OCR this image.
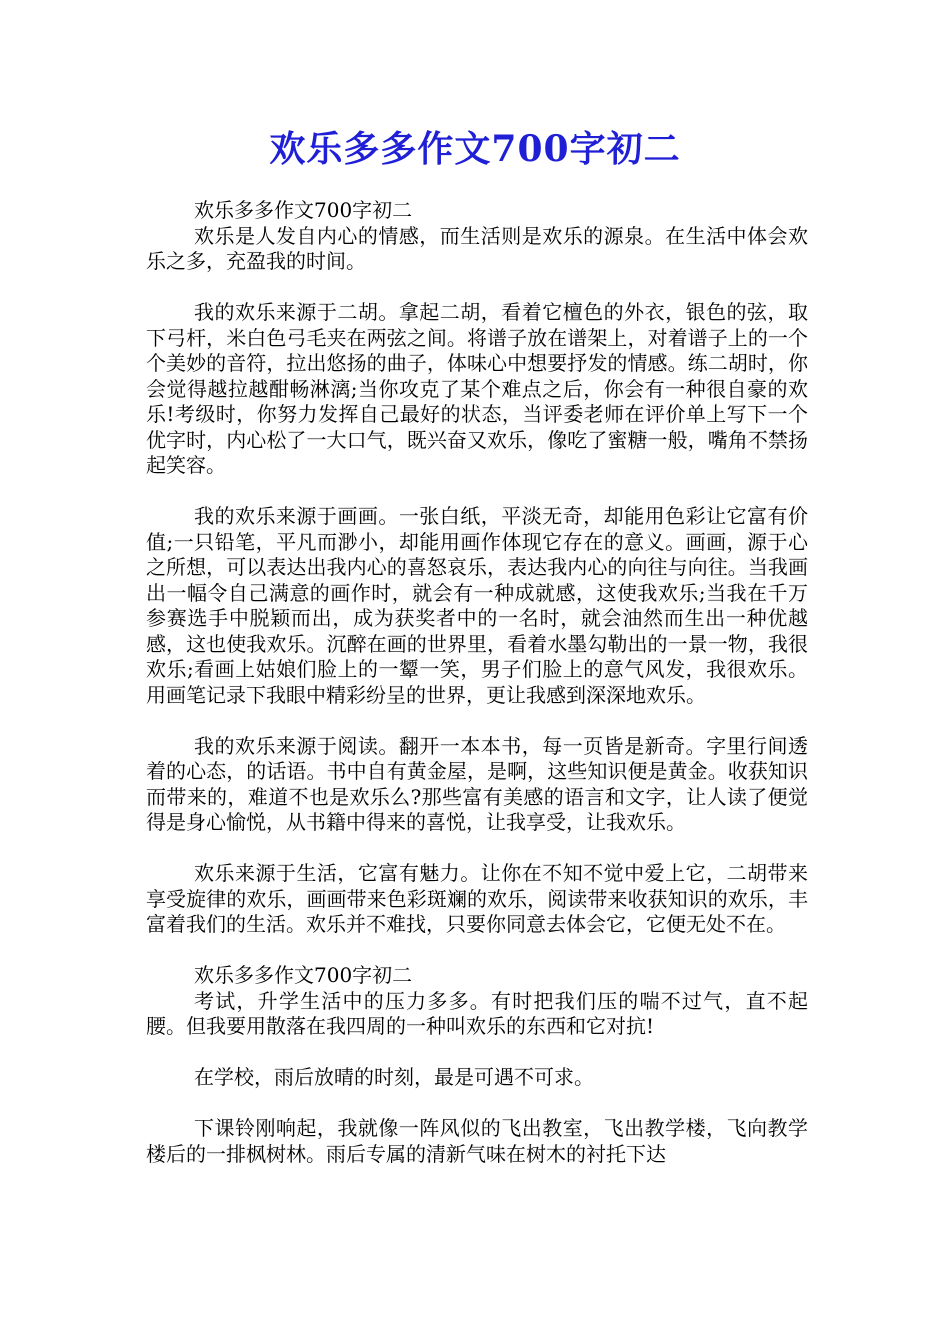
欢乐多多作文700字初二

欢乐多多作文700字初二

欢乐是人发自内心的情感，而生活则是欢乐的源泉。在生活中体会欢乐之多，充盈我的时间。

我的欢乐来源于二胡。拿起二胡，看着它檀色的外衣，银色的弦，取下弓杆，米白色弓毛夹在两弦之间。将谱子放在谱架上，对着谱子上的一个个美妙的音符，拉出悠扬的曲子，体味心中想要抒发的情感。练二胡时，你会觉得越拉越酣畅淋漓;当你攻克了某个难点之后，你会有一种很自豪的欢乐!考级时，你努力发挥自己最好的状态，当评委老师在评价单上写下一个优字时，内心松了一大口气，既兴奋又欢乐，像吃了蜜糖一般，嘴角不禁扬起笑容。

我的欢乐来源于画画。一张白纸，平淡无奇，却能用色彩让它富有价值;一只铅笔，平凡而渺小，却能用画作体现它存在的意义。画画，源于心之所想，可以表达出我内心的喜怒哀乐，表达我内心的向往与向往。当我画出一幅令自己满意的画作时，就会有一种成就感，这使我欢乐;当我在千万参赛选手中脱颖而出，成为获奖者中的一名时，就会油然而生出一种优越感，这也使我欢乐。沉醉在画的世界里，看着水墨勾勒出的一景一物，我很欢乐;看画上姑娘们脸上的一颦一笑，男子们脸上的意气风发，我很欢乐。用画笔记录下我眼中精彩纷呈的世界，更让我感到深深地欢乐。

我的欢乐来源于阅读。翻开一本本书，每一页皆是新奇。字里行间透着的心态，的话语。书中自有黄金屋，是啊，这些知识便是黄金。收获知识而带来的，难道不也是欢乐么?那些富有美感的语言和文字，让人读了便觉得是身心愉悦，从书籍中得来的喜悦，让我享受，让我欢乐。

欢乐来源于生活，它富有魅力。让你在不知不觉中爱上它，二胡带来享受旋律的欢乐，画画带来色彩斑斓的欢乐，阅读带来收获知识的欢乐，丰富着我们的生活。欢乐并不难找，只要你同意去体会它，它便无处不在。

欢乐多多作文700字初二

考试，升学生活中的压力多多。有时把我们压的喘不过气，直不起腰。但我要用散落在我四周的一种叫欢乐的东西和它对抗!

在学校，雨后放晴的时刻，最是可遇不可求。

下课铃刚响起，我就像一阵风似的飞出教室，飞出教学楼，飞向教学楼后的一排枫树林。雨后专属的清新气味在树木的衬托下达
